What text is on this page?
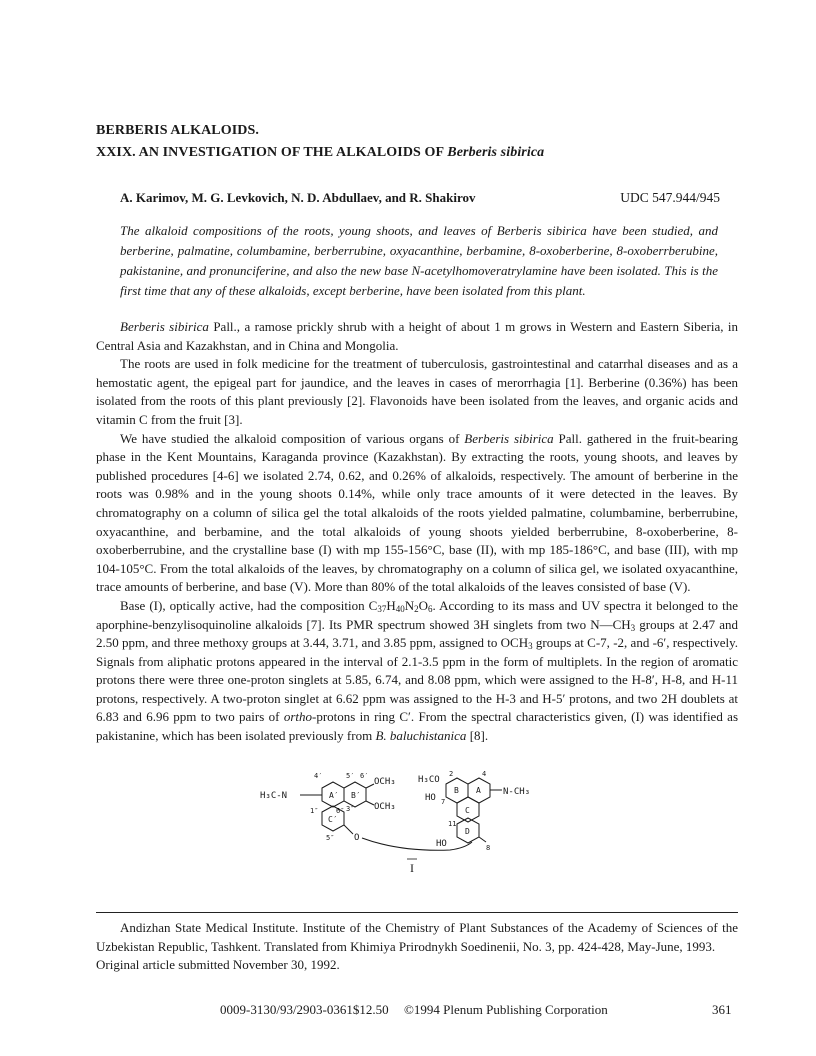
BERBERIS ALKALOIDS.
XXIX. AN INVESTIGATION OF THE ALKALOIDS OF Berberis sibirica
A. Karimov, M. G. Levkovich, N. D. Abdullaev, and R. Shakirov	UDC 547.944/945
The alkaloid compositions of the roots, young shoots, and leaves of Berberis sibirica have been studied, and berberine, palmatine, columbamine, berberrubine, oxyacanthine, berbamine, 8-oxoberberine, 8-oxoberrberubine, pakistanine, and pronunciferine, and also the new base N-acetylhomoveratrylamine have been isolated. This is the first time that any of these alkaloids, except berberine, have been isolated from this plant.

Berberis sibirica Pall., a ramose prickly shrub with a height of about 1 m grows in Western and Eastern Siberia, in Central Asia and Kazakhstan, and in China and Mongolia.

The roots are used in folk medicine for the treatment of tuberculosis, gastrointestinal and catarrhal diseases and as a hemostatic agent, the epigeal part for jaundice, and the leaves in cases of merorrhagia [1]. Berberine (0.36%) has been isolated from the roots of this plant previously [2]. Flavonoids have been isolated from the leaves, and organic acids and vitamin C from the fruit [3].

We have studied the alkaloid composition of various organs of Berberis sibirica Pall. gathered in the fruit-bearing phase in the Kent Mountains, Karaganda province (Kazakhstan). By extracting the roots, young shoots, and leaves by published procedures [4-6] we isolated 2.74, 0.62, and 0.26% of alkaloids, respectively. The amount of berberine in the roots was 0.98% and in the young shoots 0.14%, while only trace amounts of it were detected in the leaves. By chromatography on a column of silica gel the total alkaloids of the roots yielded palmatine, columbamine, berberrubine, oxyacanthine, and berbamine, and the total alkaloids of young shoots yielded berberrubine, 8-oxoberberine, 8-oxoberberrubine, and the crystalline base (I) with mp 155-156°C, base (II), with mp 185-186°C, and base (III), with mp 104-105°C. From the total alkaloids of the leaves, by chromatography on a column of silica gel, we isolated oxyacanthine, trace amounts of berberine, and base (V). More than 80% of the total alkaloids of the leaves consisted of base (V).

Base (I), optically active, had the composition $C_{37}H_{40}N_2O_6$. According to its mass and UV spectra it belonged to the aporphine-benzylisoquinoline alkaloids [7]. Its PMR spectrum showed 3H singlets from two $N—CH_3$ groups at 2.47 and 2.50 ppm, and three methoxy groups at 3.44, 3.71, and 3.85 ppm, assigned to $OCH_3$ groups at C-7, -2, and -6′, respectively. Signals from aliphatic protons appeared in the interval of 2.1-3.5 ppm in the form of multiplets. In the region of aromatic protons there were three one-proton singlets at 5.85, 6.74, and 8.08 ppm, which were assigned to the H-8′, H-8, and H-11 protons, respectively. A two-proton singlet at 6.62 ppm was assigned to the H-3 and H-5′ protons, and two 2H doublets at 6.83 and 6.96 ppm to two pairs of ortho-protons in ring C′. From the spectral characteristics given, (I) was identified as pakistanine, which has been isolated previously from B. baluchistanica [8].

H₃C-N
OCH₃
OCH₃
A′ B′
C′
4′	5′ 6′
1″	3″
6″
5″ O
H₃CO
2	4
HO 7
A
B
C
D
N-CH₃
11
HO	8
I

Andizhan State Medical Institute. Institute of the Chemistry of Plant Substances of the Academy of Sciences of the Uzbekistan Republic, Tashkent. Translated from Khimiya Prirodnykh Soedinenii, No. 3, pp. 424-428, May-June, 1993.

Original article submitted November 30, 1992.

0009-3130/93/2903-0361$12.50 ©1994 Plenum Publishing Corporation	361
